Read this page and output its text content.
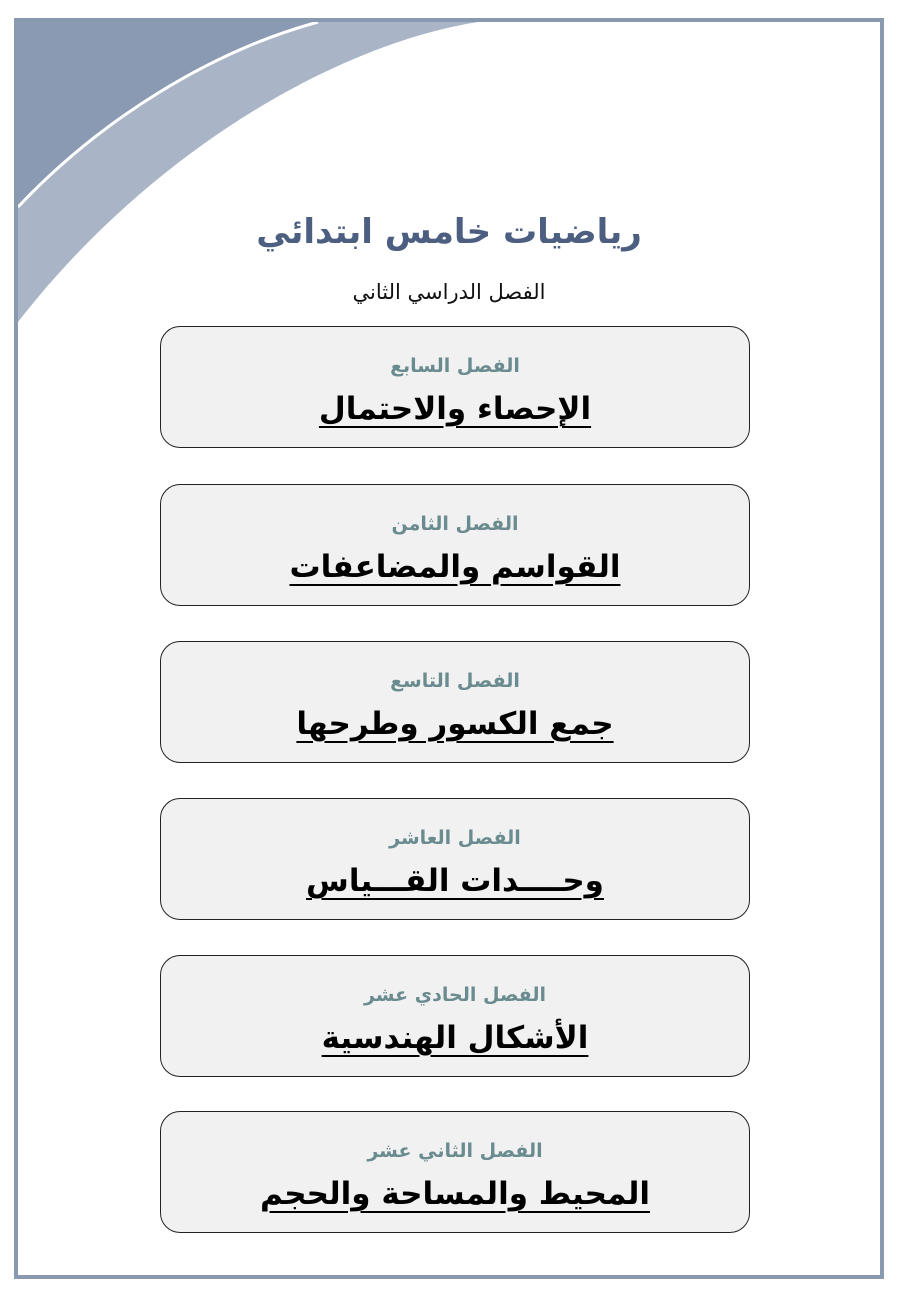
رياضيات خامس ابتدائي
الفصل الدراسي الثاني
الفصل السابع
الإحصاء والاحتمال
الفصل الثامن
القواسم والمضاعفات
الفصل التاسع
جمع الكسور وطرحها
الفصل العاشر
وحــــدات القـــياس
الفصل الحادي عشر
الأشكال الهندسية
الفصل الثاني عشر
المحيط والمساحة والحجم
